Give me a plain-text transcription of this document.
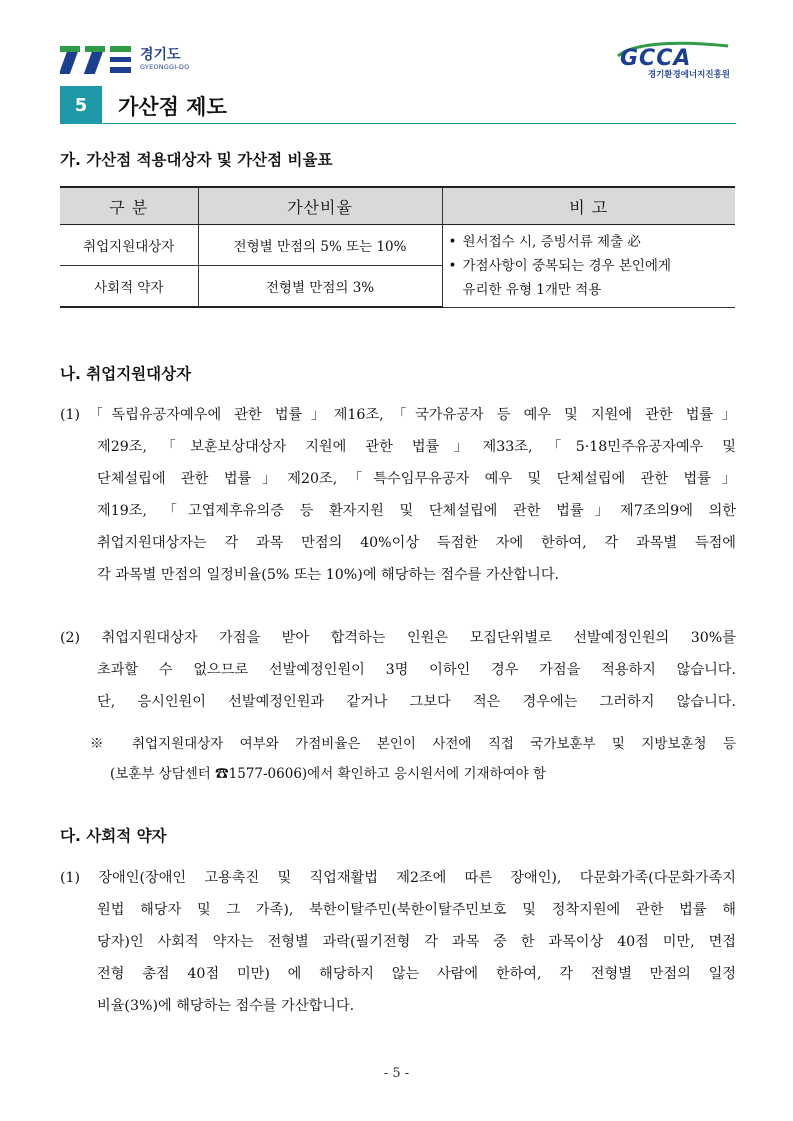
경기도
GYEONGGI-DO	GCCA
경기환경에너지진흥원
5	가산점 제도
가. 가산점 적용대상자 및 가산점 비율표
구 분	가산비율	비 고
취업지원대상자	전형별 만점의 5% 또는 10%	• 원서접수 시, 증빙서류 제출 必
• 가점사항이 중복되는 경우 본인에게
유리한 유형 1개만 적용

사회적 약자	전형별 만점의 3%	
나. 취업지원대상자
(1)「독립유공자예우에 관한 법률」제16조,「국가유공자 등 예우 및 지원에 관한 법률」
제29조,「보훈보상대상자 지원에 관한 법률」제33조,「5·18민주유공자예우 및
단체설립에 관한 법률」제20조,「특수임무유공자 예우 및 단체설립에 관한 법률」
제19조, 「고엽제후유의증 등 환자지원 및 단체설립에 관한 법률」제7조의9에 의한
취업지원대상자는 각 과목 만점의 40%이상 득점한 자에 한하여, 각 과목별 득점에
각 과목별 만점의 일정비율(5% 또는 10%)에 해당하는 점수를 가산합니다.
(2) 취업지원대상자 가점을 받아 합격하는 인원은 모집단위별로 선발예정인원의 30%를
초과할 수 없으므로 선발예정인원이 3명 이하인 경우 가점을 적용하지 않습니다.
단, 응시인원이 선발예정인원과 같거나 그보다 적은 경우에는 그러하지 않습니다.
※ 취업지원대상자 여부와 가점비율은 본인이 사전에 직접 국가보훈부 및 지방보훈청 등
(보훈부 상담센터 ☎1577-0606)에서 확인하고 응시원서에 기재하여야 함
다. 사회적 약자
(1) 장애인(장애인 고용촉진 및 직업재활법 제2조에 따른 장애인), 다문화가족(다문화가족지
원법 해당자 및 그 가족), 북한이탈주민(북한이탈주민보호 및 정착지원에 관한 법률 해
당자)인 사회적 약자는 전형별 과락(필기전형 각 과목 중 한 과목이상 40점 미만, 면접
전형 총점 40점 미만) 에 해당하지 않는 사람에 한하여, 각 전형별 만점의 일정
비율(3%)에 해당하는 점수를 가산합니다.
- 5 -
